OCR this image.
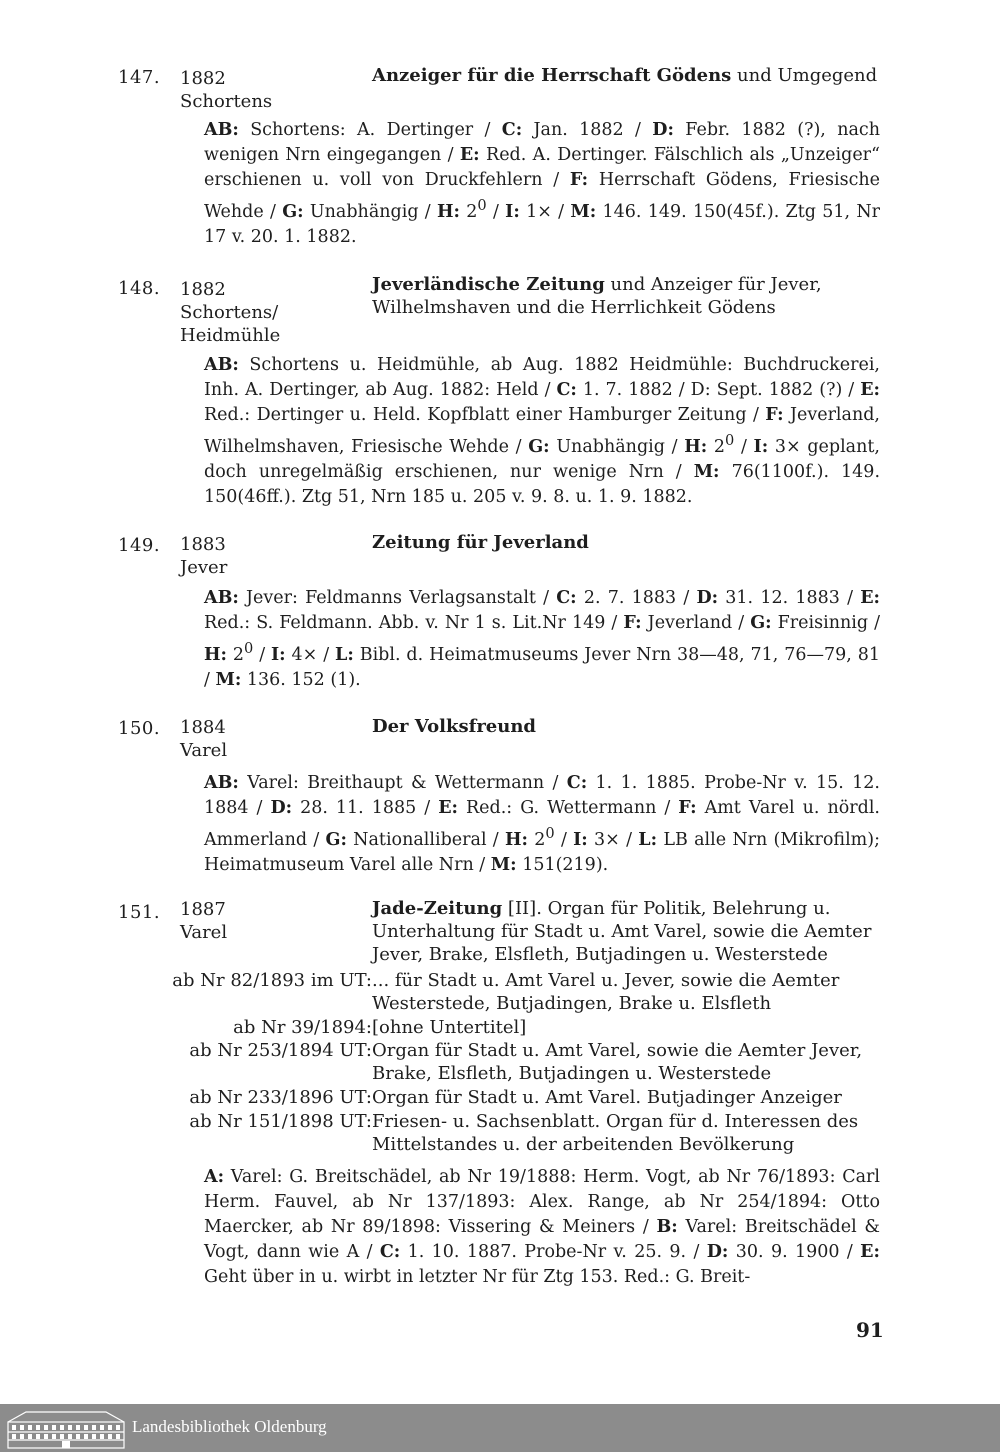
147. 1882
Schortens
Anzeiger für die Herrschaft Gödens und Umgegend
AB: Schortens: A. Dertinger / C: Jan. 1882 / D: Febr. 1882 (?), nach wenigen Nrn eingegangen / E: Red. A. Dertinger. Fälschlich als „Unzeiger“ erschienen u. voll von Druckfehlern / F: Herrschaft Gödens, Friesische Wehde / G: Unabhängig / H: $2^0$ / I: 1× / M: 146. 149. 150(45f.). Ztg 51, Nr 17 v. 20. 1. 1882.
148. 1882
Schortens/
Heidmühle
Jeverländische Zeitung und Anzeiger für Jever, Wilhelmshaven und die Herrlichkeit Gödens
AB: Schortens u. Heidmühle, ab Aug. 1882 Heidmühle: Buchdruckerei, Inh. A. Dertinger, ab Aug. 1882: Held / C: 1. 7. 1882 / D: Sept. 1882 (?) / E: Red.: Dertinger u. Held. Kopfblatt einer Hamburger Zeitung / F: Jeverland, Wilhelmshaven, Friesische Wehde / G: Unabhängig / H: $2^0$ / I: 3× geplant, doch unregelmäßig erschienen, nur wenige Nrn / M: 76(1100f.). 149. 150(46ff.). Ztg 51, Nrn 185 u. 205 v. 9. 8. u. 1. 9. 1882.
149. 1883
Jever
Zeitung für Jeverland
AB: Jever: Feldmanns Verlagsanstalt / C: 2. 7. 1883 / D: 31. 12. 1883 / E: Red.: S. Feldmann. Abb. v. Nr 1 s. Lit.Nr 149 / F: Jeverland / G: Freisinnig / H: $2^0$ / I: 4× / L: Bibl. d. Heimatmuseums Jever Nrn 38—48, 71, 76—79, 81 / M: 136. 152 (1).
150. 1884
Varel
Der Volksfreund
AB: Varel: Breithaupt & Wettermann / C: 1. 1. 1885. Probe-Nr v. 15. 12. 1884 / D: 28. 11. 1885 / E: Red.: G. Wettermann / F: Amt Varel u. nördl. Ammerland / G: Nationalliberal / H: $2^0$ / I: 3× / L: LB alle Nrn (Mikrofilm); Heimatmuseum Varel alle Nrn / M: 151(219).
151. 1887
Varel
Jade-Zeitung [II]. Organ für Politik, Belehrung u. Unterhaltung für Stadt u. Amt Varel, sowie die Aemter Jever, Brake, Elsfleth, Butjadingen u. Westerstede
ab Nr 82/1893 im UT: ... für Stadt u. Amt Varel u. Jever, sowie die Aemter Westerstede, Butjadingen, Brake u. Elsfleth
ab Nr 39/1894: [ohne Untertitel]
ab Nr 253/1894 UT: Organ für Stadt u. Amt Varel, sowie die Aemter Jever, Brake, Elsfleth, Butjadingen u. Westerstede
ab Nr 233/1896 UT: Organ für Stadt u. Amt Varel. Butjadinger Anzeiger
ab Nr 151/1898 UT: Friesen- u. Sachsenblatt. Organ für d. Interessen des Mittelstandes u. der arbeitenden Bevölkerung
A: Varel: G. Breitschädel, ab Nr 19/1888: Herm. Vogt, ab Nr 76/1893: Carl Herm. Fauvel, ab Nr 137/1893: Alex. Range, ab Nr 254/1894: Otto Maercker, ab Nr 89/1898: Vissering & Meiners / B: Varel: Breitschädel & Vogt, dann wie A / C: 1. 10. 1887. Probe-Nr v. 25. 9. / D: 30. 9. 1900 / E: Geht über in u. wirbt in letzter Nr für Ztg 153. Red.: G. Breit-
91
Landesbibliothek Oldenburg
